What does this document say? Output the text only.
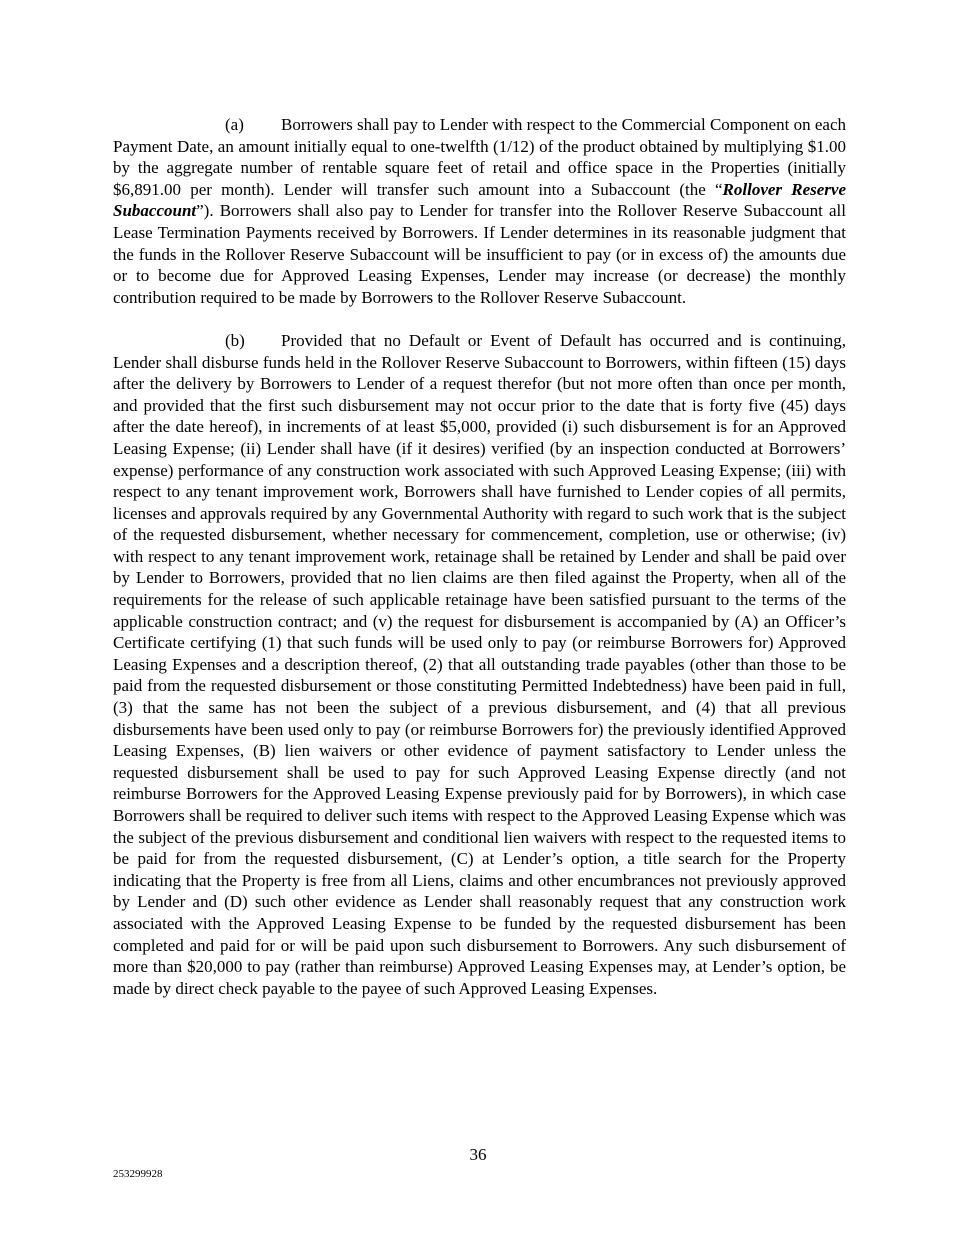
(a) Borrowers shall pay to Lender with respect to the Commercial Component on each Payment Date, an amount initially equal to one-twelfth (1/12) of the product obtained by multiplying $1.00 by the aggregate number of rentable square feet of retail and office space in the Properties (initially $6,891.00 per month). Lender will transfer such amount into a Subaccount (the “Rollover Reserve Subaccount”). Borrowers shall also pay to Lender for transfer into the Rollover Reserve Subaccount all Lease Termination Payments received by Borrowers. If Lender determines in its reasonable judgment that the funds in the Rollover Reserve Subaccount will be insufficient to pay (or in excess of) the amounts due or to become due for Approved Leasing Expenses, Lender may increase (or decrease) the monthly contribution required to be made by Borrowers to the Rollover Reserve Subaccount.

(b) Provided that no Default or Event of Default has occurred and is continuing, Lender shall disburse funds held in the Rollover Reserve Subaccount to Borrowers, within fifteen (15) days after the delivery by Borrowers to Lender of a request therefor (but not more often than once per month, and provided that the first such disbursement may not occur prior to the date that is forty five (45) days after the date hereof), in increments of at least $5,000, provided (i) such disbursement is for an Approved Leasing Expense; (ii) Lender shall have (if it desires) verified (by an inspection conducted at Borrowers’ expense) performance of any construction work associated with such Approved Leasing Expense; (iii) with respect to any tenant improvement work, Borrowers shall have furnished to Lender copies of all permits, licenses and approvals required by any Governmental Authority with regard to such work that is the subject of the requested disbursement, whether necessary for commencement, completion, use or otherwise; (iv) with respect to any tenant improvement work, retainage shall be retained by Lender and shall be paid over by Lender to Borrowers, provided that no lien claims are then filed against the Property, when all of the requirements for the release of such applicable retainage have been satisfied pursuant to the terms of the applicable construction contract; and (v) the request for disbursement is accompanied by (A) an Officer’s Certificate certifying (1) that such funds will be used only to pay (or reimburse Borrowers for) Approved Leasing Expenses and a description thereof, (2) that all outstanding trade payables (other than those to be paid from the requested disbursement or those constituting Permitted Indebtedness) have been paid in full, (3) that the same has not been the subject of a previous disbursement, and (4) that all previous disbursements have been used only to pay (or reimburse Borrowers for) the previously identified Approved Leasing Expenses, (B) lien waivers or other evidence of payment satisfactory to Lender unless the requested disbursement shall be used to pay for such Approved Leasing Expense directly (and not reimburse Borrowers for the Approved Leasing Expense previously paid for by Borrowers), in which case Borrowers shall be required to deliver such items with respect to the Approved Leasing Expense which was the subject of the previous disbursement and conditional lien waivers with respect to the requested items to be paid for from the requested disbursement, (C) at Lender’s option, a title search for the Property indicating that the Property is free from all Liens, claims and other encumbrances not previously approved by Lender and (D) such other evidence as Lender shall reasonably request that any construction work associated with the Approved Leasing Expense to be funded by the requested disbursement has been completed and paid for or will be paid upon such disbursement to Borrowers. Any such disbursement of more than $20,000 to pay (rather than reimburse) Approved Leasing Expenses may, at Lender’s option, be made by direct check payable to the payee of such Approved Leasing Expenses.

36
253299928
